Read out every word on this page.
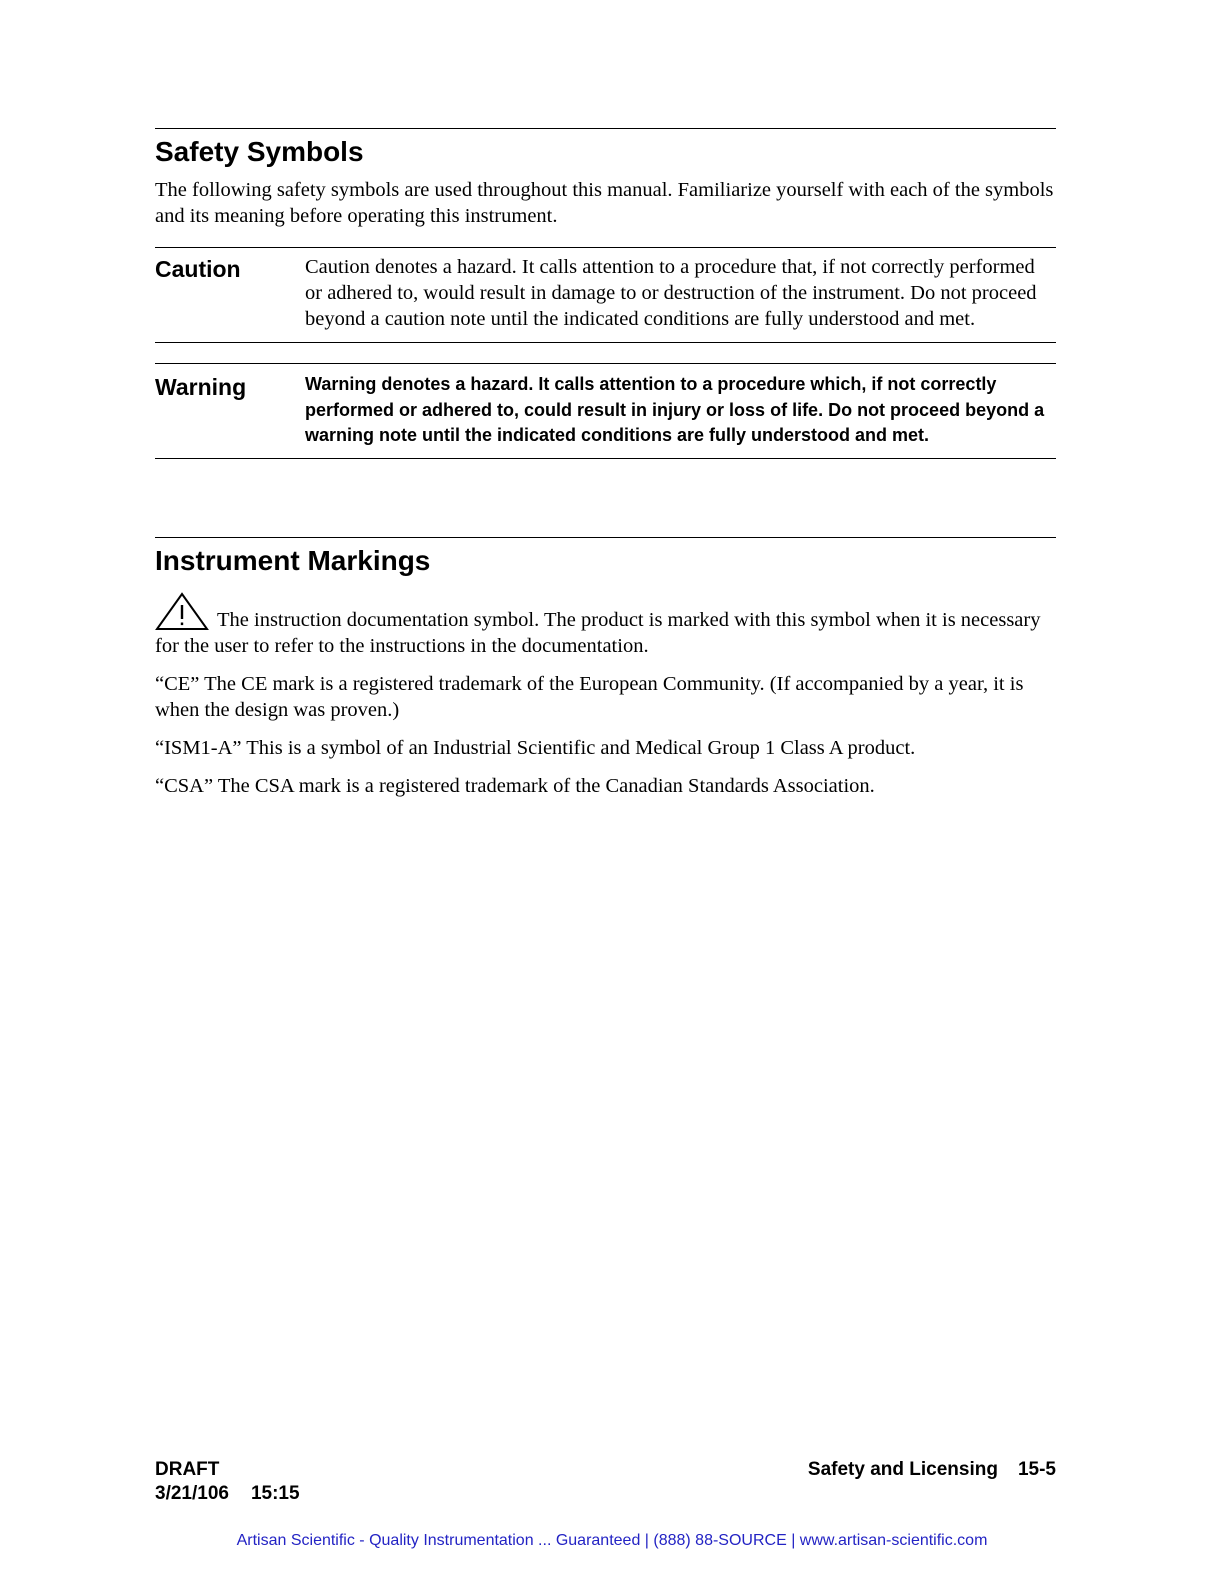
Safety Symbols

The following safety symbols are used throughout this manual. Familiarize yourself with each of the symbols and its meaning before operating this instrument.

Caution	Caution denotes a hazard. It calls attention to a procedure that, if not correctly performed or adhered to, would result in damage to or destruction of the instrument. Do not proceed beyond a caution note until the indicated conditions are fully understood and met.
Warning	Warning denotes a hazard. It calls attention to a procedure which, if not correctly performed or adhered to, could result in injury or loss of life. Do not proceed beyond a warning note until the indicated conditions are fully understood and met.
Instrument Markings

The instruction documentation symbol. The product is marked with this symbol when it is necessary for the user to refer to the instructions in the documentation.

“CE” The CE mark is a registered trademark of the European Community. (If accompanied by a year, it is when the design was proven.)

“ISM1-A” This is a symbol of an Industrial Scientific and Medical Group 1 Class A product.

“CSA” The CSA mark is a registered trademark of the Canadian Standards Association.

DRAFT
3/21/106 15:15
Safety and Licensing 15-5
Artisan Scientific - Quality Instrumentation ... Guaranteed | (888) 88-SOURCE | www.artisan-scientific.com
